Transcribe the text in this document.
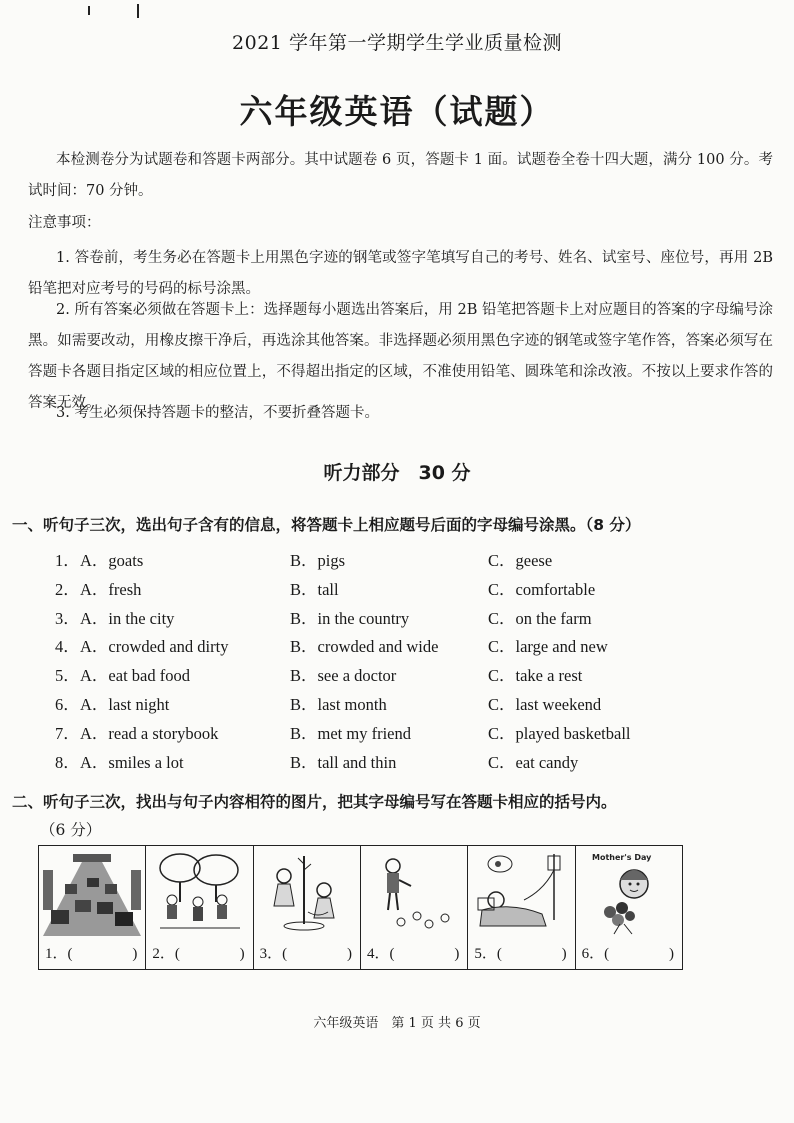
2021 学年第一学期学生学业质量检测
六年级英语（试题）
本检测卷分为试题卷和答题卡两部分。其中试题卷 6 页，答题卡 1 面。试题卷全卷十四大题，满分 100 分。考试时间：70 分钟。
注意事项：
1. 答卷前，考生务必在答题卡上用黑色字迹的钢笔或签字笔填写自己的考号、姓名、试室号、座位号，再用 2B 铅笔把对应考号的号码的标号涂黑。
2. 所有答案必须做在答题卡上：选择题每小题选出答案后，用 2B 铅笔把答题卡上对应题目的答案的字母编号涂黑。如需要改动，用橡皮擦干净后，再选涂其他答案。非选择题必须用黑色字迹的钢笔或签字笔作答，答案必须写在答题卡各题目指定区域的相应位置上，不得超出指定的区域，不准使用铅笔、圆珠笔和涂改液。不按以上要求作答的答案无效。
3. 考生必须保持答题卡的整洁，不要折叠答题卡。
听力部分　30 分
一、听句子三次，选出句子含有的信息，将答题卡上相应题号后面的字母编号涂黑。（8 分）
1． A．goats	B．pigs	C．geese
2． A．fresh	B．tall	C．comfortable
3． A．in the city	B．in the country	C．on the farm
4． A．crowded and dirty	B．crowded and wide	C．large and new
5． A．eat bad food	B．see a doctor	C．take a rest
6． A．last night	B．last month	C．last weekend
7． A．read a storybook	B．met my friend	C．played basketball
8． A．smiles a lot	B．tall and thin	C．eat candy
二、听句子三次，找出与句子内容相符的图片，把其字母编号写在答题卡相应的括号内。
（6 分）
1．(	) 2．(	) 3．(	) 4．(	) 5．(	)
Mother's Day
6．(	)
六年级英语　第 1 页 共 6 页
